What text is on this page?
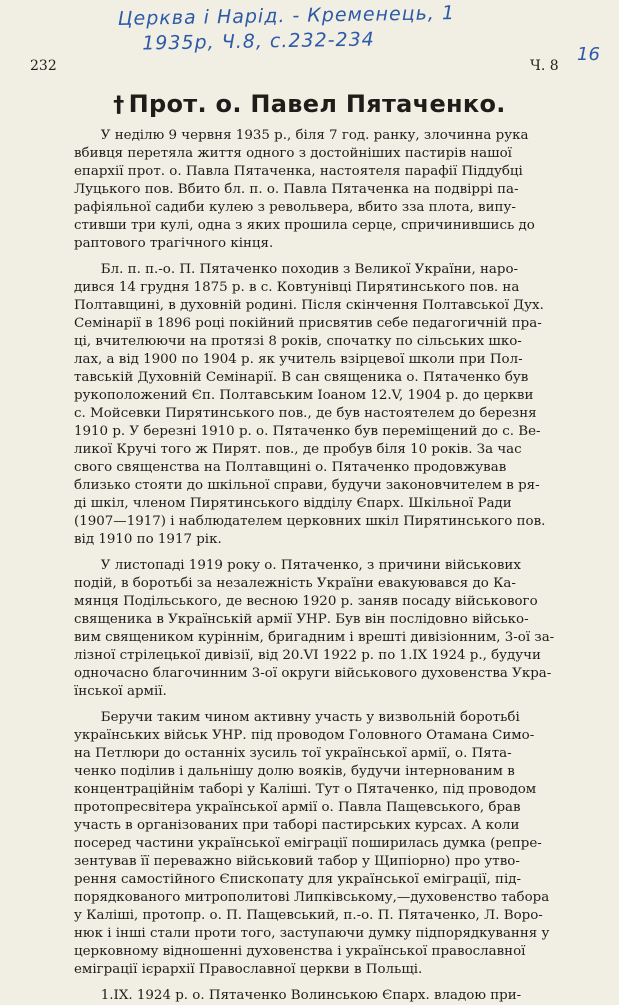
Церква і Нарід. - Кременець, 1
1935р, Ч.8, с.232-234	16
232	Ч. 8
† Прот. о. Павел Пятаченко.

  У неділю 9 червня 1935 р., біля 7 год. ранку, злочинна рука
вбивця перетяла життя одного з достойніших пастирів нашої
епархії прот. о. Павла Пятаченка, настоятеля парафії Піддубці
Луцького пов. Вбито бл. п. о. Павла Пятаченка на подвіррі па-
рафіяльної садиби кулею з револьвера, вбито зза плота, випу-
стивши три кулі, одна з яких прошила серце, спричинившись до
раптового трагічного кінця.

  Бл. п. п.-о. П. Пятаченко походив з Великої України, наро-
дився 14 грудня 1875 р. в с. Ковтунівці Пирятинського пов. на
Полтавщині, в духовній родині. Після скінчення Полтавської Дух.
Семінарії в 1896 році покійний присвятив себе педагогичній пра-
ці, вчителюючи на протязі 8 років, спочатку по сільських шко-
лах, а від 1900 по 1904 р. як учитель взірцевої школи при Пол-
тавській Духовній Семінарії. В сан священика о. Пятаченко був
рукоположений Єп. Полтавським Іоаном 12.V, 1904 р. до церкви
с. Мойсевки Пирятинського пов., де був настоятелем до березня
1910 р. У березні 1910 р. о. Пятаченко був переміщений до с. Ве-
ликої Кручі того ж Пирят. пов., де пробув біля 10 років. За час
свого священства на Полтавщині о. Пятаченко продовжував
близько стояти до шкільної справи, будучи законовчителем в ря-
ді шкіл, членом Пирятинського відділу Єпарх. Шкільної Ради
(1907—1917) і наблюдателем церковних шкіл Пирятинського пов.
від 1910 по 1917 рік.

  У листопаді 1919 року о. Пятаченко, з причини військових
подій, в боротьбі за незалежність України евакуювався до Ка-
мянця Подільського, де весною 1920 р. заняв посаду військового
священика в Українській армії УНР. Був він послідовно військо-
вим священиком куріннім, бригадним і врешті дивізіонним, 3-ої за-
лізної стрілецької дивізії, від 20.VI 1922 р. по 1.IX 1924 р., будучи
одночасно благочинним 3-ої округи військового духовенства Укра-
їнської армії.

  Беручи таким чином активну участь у визвольній боротьбі
українських військ УНР. під проводом Головного Отамана Симо-
на Петлюри до останніх зусиль тої української армії, о. Пята-
ченко поділив і дальнішу долю вояків, будучи інтернованим в
концентраційнім таборі у Каліші. Тут о Пятаченко, під проводом
протопресвітера української армії о. Павла Пащевського, брав
участь в організованих при таборі пастирських курсах. А коли
посеред частини української еміграції поширилась думка (репре-
зентував її переважно військовий табор у Щипіорно) про утво-
рення самостійного Єпископату для української еміграції, під-
порядкованого митрополитові Липківському,—духовенство табора
у Каліші, протопр. о. П. Пащевський, п.-о. П. Пятаченко, Л. Воро-
нюк і інші стали проти того, заступаючи думку підпорядкування у
церковному відношенні духовенства і української православної
еміграції ієрархії Православної церкви в Польщі.

  1.IX. 1924 р. о. Пятаченко Волинською Єпарх. владою при-
